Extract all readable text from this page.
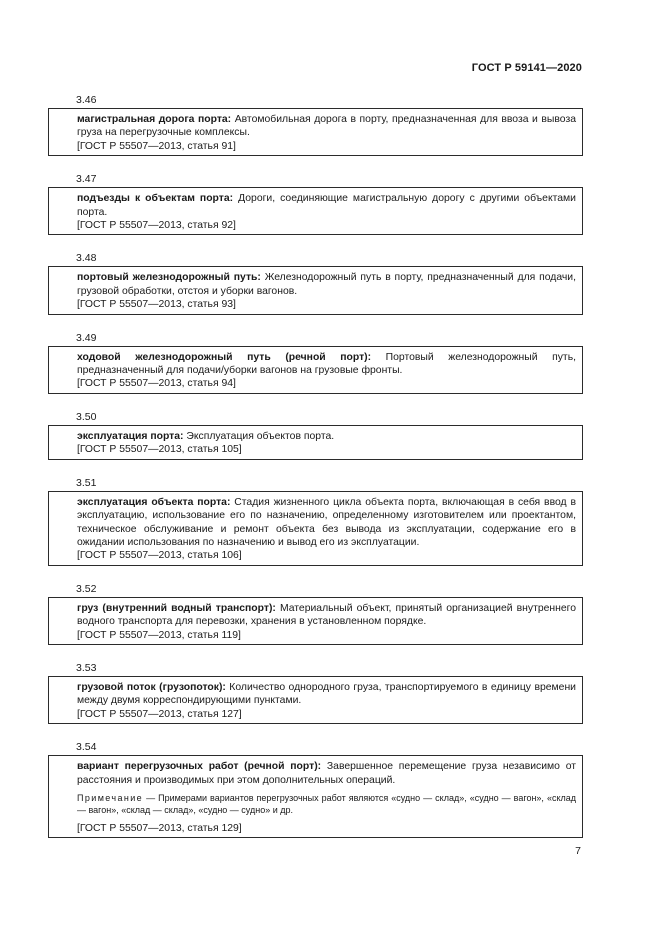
ГОСТ Р 59141—2020
3.46
магистральная дорога порта: Автомобильная дорога в порту, предназначенная для ввоза и вывоза груза на перегрузочные комплексы.
[ГОСТ Р 55507—2013, статья 91]
3.47
подъезды к объектам порта: Дороги, соединяющие магистральную дорогу с другими объектами порта.
[ГОСТ Р 55507—2013, статья 92]
3.48
портовый железнодорожный путь: Железнодорожный путь в порту, предназначенный для подачи, грузовой обработки, отстоя и уборки вагонов.
[ГОСТ Р 55507—2013, статья 93]
3.49
ходовой железнодорожный путь (речной порт): Портовый железнодорожный путь, предназначенный для подачи/уборки вагонов на грузовые фронты.
[ГОСТ Р 55507—2013, статья 94]
3.50
эксплуатация порта: Эксплуатация объектов порта.
[ГОСТ Р 55507—2013, статья 105]
3.51
эксплуатация объекта порта: Стадия жизненного цикла объекта порта, включающая в себя ввод в эксплуатацию, использование его по назначению, определенному изготовителем или проектантом, техническое обслуживание и ремонт объекта без вывода из эксплуатации, содержание его в ожидании использования по назначению и вывод его из эксплуатации.
[ГОСТ Р 55507—2013, статья 106]
3.52
груз (внутренний водный транспорт): Материальный объект, принятый организацией внутреннего водного транспорта для перевозки, хранения в установленном порядке.
[ГОСТ Р 55507—2013, статья 119]
3.53
грузовой поток (грузопоток): Количество однородного груза, транспортируемого в единицу времени между двумя корреспондирующими пунктами.
[ГОСТ Р 55507—2013, статья 127]
3.54
вариант перегрузочных работ (речной порт): Завершенное перемещение груза независимо от расстояния и производимых при этом дополнительных операций.
Примечание — Примерами вариантов перегрузочных работ являются «судно — склад», «судно — вагон», «склад — вагон», «склад — склад», «судно — судно» и др.
[ГОСТ Р 55507—2013, статья 129]
7
